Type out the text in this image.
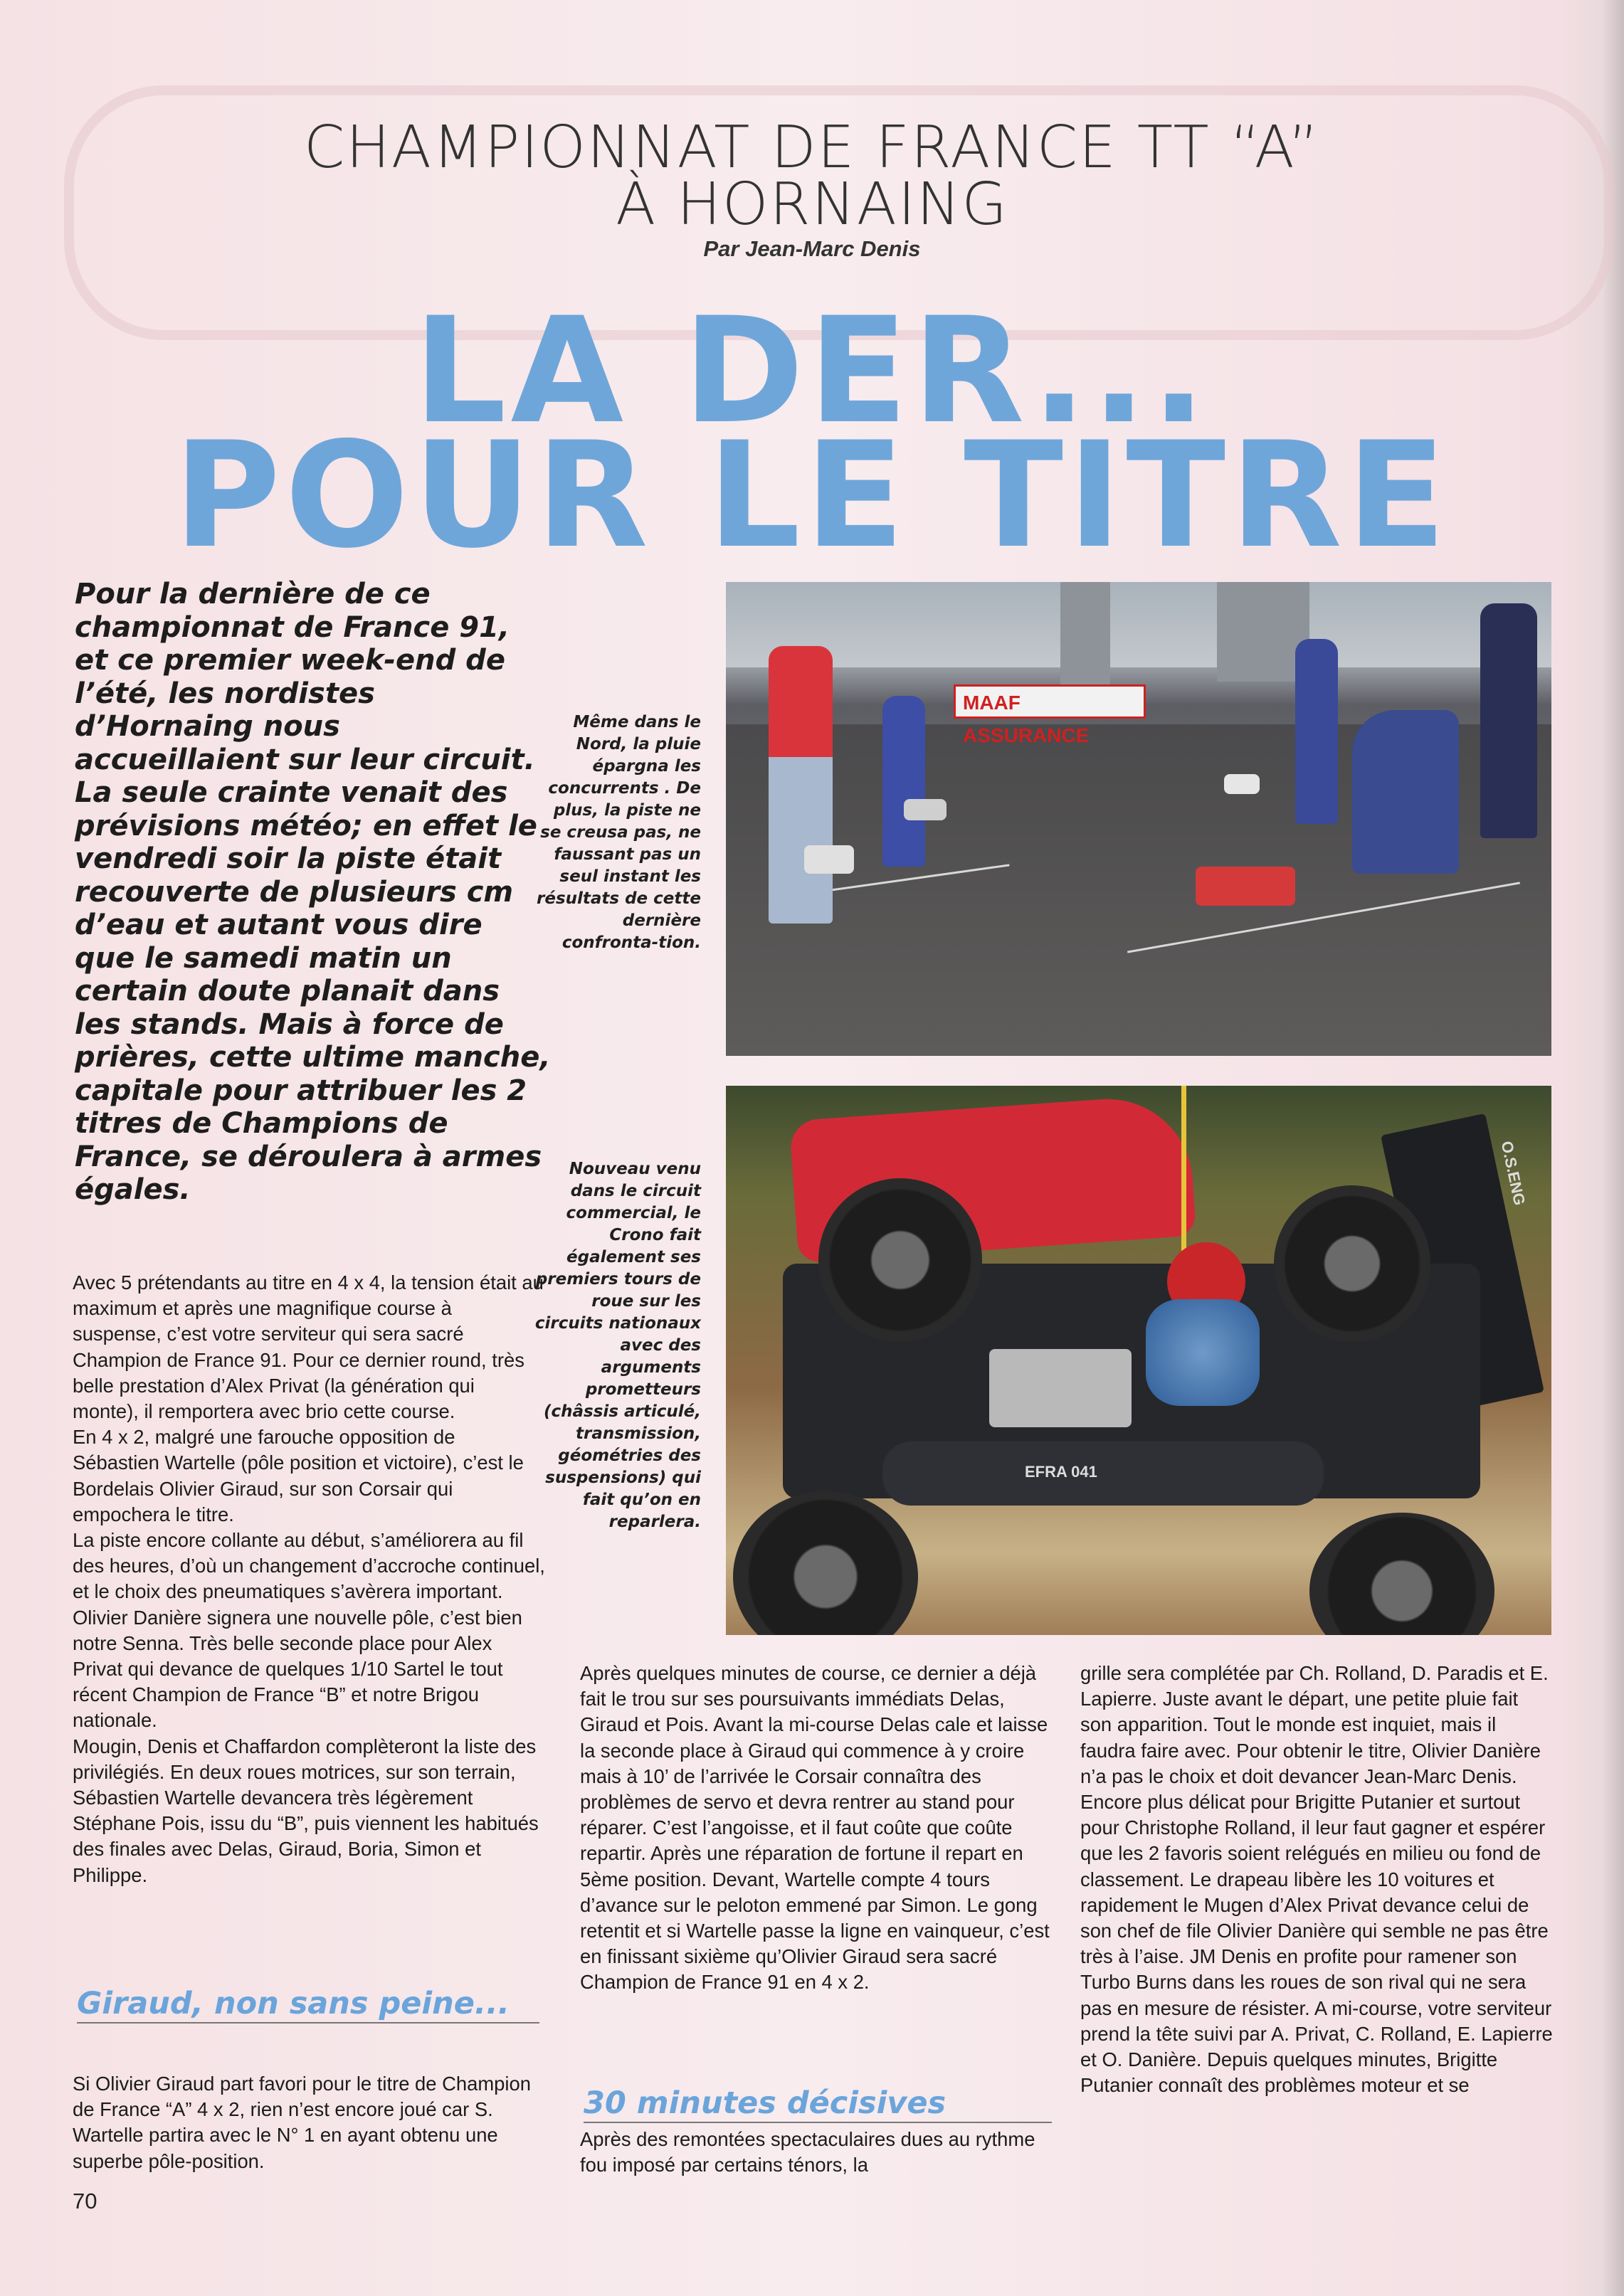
CHAMPIONNAT DE FRANCE TT “A”
À HORNAING
Par Jean-Marc Denis
LA DER...
POUR LE TITRE
Pour la dernière de ce championnat de France 91, et ce premier week-end de l’été, les nordistes d’Hornaing nous accueillaient sur leur circuit. La seule crainte venait des prévisions météo; en effet le vendredi soir la piste était recouverte de plusieurs cm d’eau et autant vous dire que le samedi matin un certain doute planait dans les stands. Mais à force de prières, cette ultime manche, capitale pour attribuer les 2 titres de Champions de France, se déroulera à armes égales.
MAAF ASSURANCE
Même dans le Nord, la pluie épargna les concurrents . De plus, la piste ne se creusa pas, ne faussant pas un seul instant les résultats de cette dernière confronta-tion.
O.S.ENG
EFRA 041
Nouveau venu dans le circuit commercial, le Crono fait également ses premiers tours de roue sur les circuits nationaux avec des arguments prometteurs (châssis articulé, transmission, géométries des suspensions) qui fait qu’on en reparlera.

Avec 5 prétendants au titre en 4 x 4, la tension était au maximum et après une magnifique course à suspense, c’est votre serviteur qui sera sacré Champion de France 91. Pour ce dernier round, très belle prestation d’Alex Privat (la génération qui monte), il remportera avec brio cette course.

En 4 x 2, malgré une farouche opposition de Sébastien Wartelle (pôle position et victoire), c’est le Bordelais Olivier Giraud, sur son Corsair qui empochera le titre.

La piste encore collante au début, s’améliorera au fil des heures, d’où un changement d’accroche continuel, et le choix des pneumatiques s’avèrera important. Olivier Danière signera une nouvelle pôle, c’est bien notre Senna. Très belle seconde place pour Alex Privat qui devance de quelques 1/10 Sartel le tout récent Champion de France “B” et notre Brigou nationale.

Mougin, Denis et Chaffardon complèteront la liste des privilégiés. En deux roues motrices, sur son terrain, Sébastien Wartelle devancera très légèrement Stéphane Pois, issu du “B”, puis viennent les habitués des finales avec Delas, Giraud, Boria, Simon et Philippe.

Giraud, non sans peine...

Si Olivier Giraud part favori pour le titre de Champion de France “A” 4 x 2, rien n’est encore joué car S. Wartelle partira avec le N° 1 en ayant obtenu une superbe pôle-position.

Après quelques minutes de course, ce dernier a déjà fait le trou sur ses poursuivants immédiats Delas, Giraud et Pois. Avant la mi-course Delas cale et laisse la seconde place à Giraud qui commence à y croire mais à 10’ de l’arrivée le Corsair connaîtra des problèmes de servo et devra rentrer au stand pour réparer. C’est l’angoisse, et il faut coûte que coûte repartir. Après une réparation de fortune il repart en 5ème position. Devant, Wartelle compte 4 tours d’avance sur le peloton emmené par Simon. Le gong retentit et si Wartelle passe la ligne en vainqueur, c’est en finissant sixième qu’Olivier Giraud sera sacré Champion de France 91 en 4 x 2.

30 minutes décisives

Après des remontées spectaculaires dues au rythme fou imposé par certains ténors, la

grille sera complétée par Ch. Rolland, D. Paradis et E. Lapierre. Juste avant le départ, une petite pluie fait son apparition. Tout le monde est inquiet, mais il faudra faire avec. Pour obtenir le titre, Olivier Danière n’a pas le choix et doit devancer Jean-Marc Denis. Encore plus délicat pour Brigitte Putanier et surtout pour Christophe Rolland, il leur faut gagner et espérer que les 2 favoris soient relégués en milieu ou fond de classement. Le drapeau libère les 10 voitures et rapidement le Mugen d’Alex Privat devance celui de son chef de file Olivier Danière qui semble ne pas être très à l’aise. JM Denis en profite pour ramener son Turbo Burns dans les roues de son rival qui ne sera pas en mesure de résister. A mi-course, votre serviteur prend la tête suivi par A. Privat, C. Rolland, E. Lapierre et O. Danière. Depuis quelques minutes, Brigitte Putanier connaît des problèmes moteur et se

70
